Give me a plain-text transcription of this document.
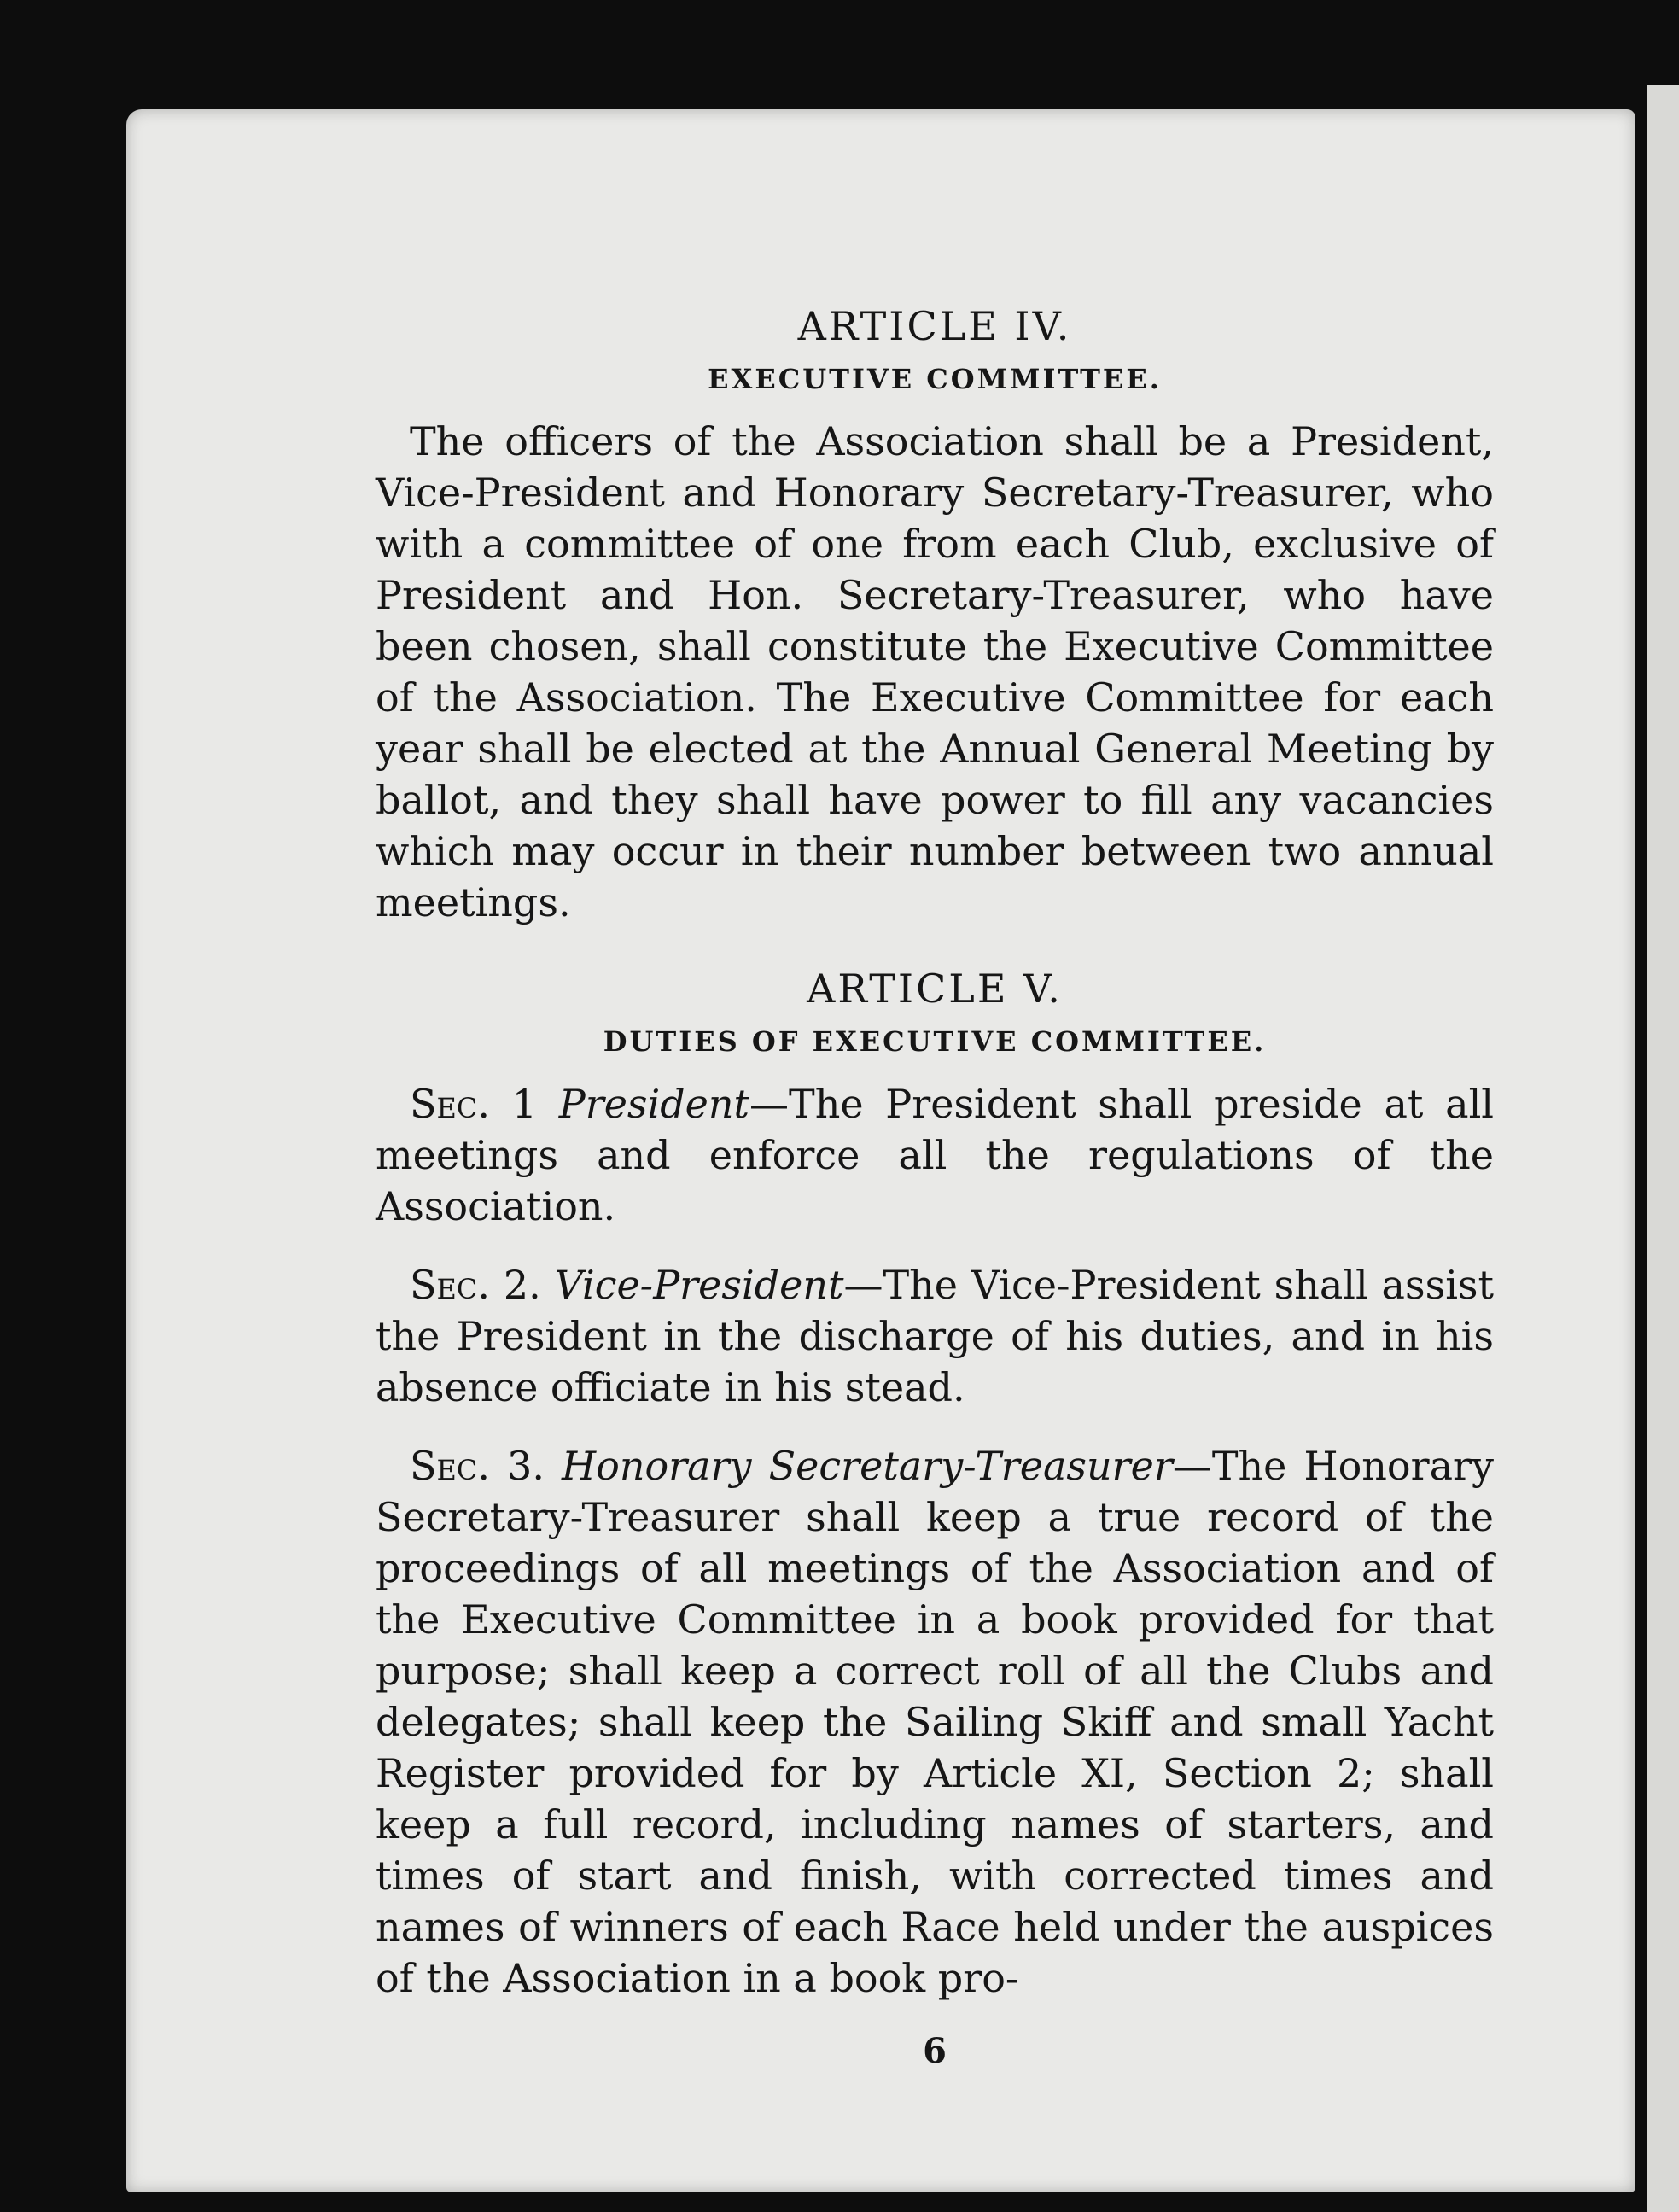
ARTICLE IV.
EXECUTIVE COMMITTEE.

The officers of the Association shall be a President, Vice-President and Honorary Secretary-Treasurer, who with a committee of one from each Club, exclusive of President and Hon. Secretary-Treasurer, who have been chosen, shall constitute the Executive Committee of the Association. The Executive Committee for each year shall be elected at the Annual General Meeting by ballot, and they shall have power to fill any vacancies which may occur in their number between two annual meetings.

ARTICLE V.
DUTIES OF EXECUTIVE COMMITTEE.

Sec. 1 President—The President shall preside at all meetings and enforce all the regulations of the Association.

Sec. 2. Vice-President—The Vice-President shall assist the President in the discharge of his duties, and in his absence officiate in his stead.

Sec. 3. Honorary Secretary-Treasurer—The Honorary Secretary-Treasurer shall keep a true record of the proceedings of all meetings of the Association and of the Executive Committee in a book provided for that purpose; shall keep a correct roll of all the Clubs and delegates; shall keep the Sailing Skiff and small Yacht Register provided for by Article XI, Section 2; shall keep a full record, including names of starters, and times of start and finish, with corrected times and names of winners of each Race held under the auspices of the Association in a book pro-

6
